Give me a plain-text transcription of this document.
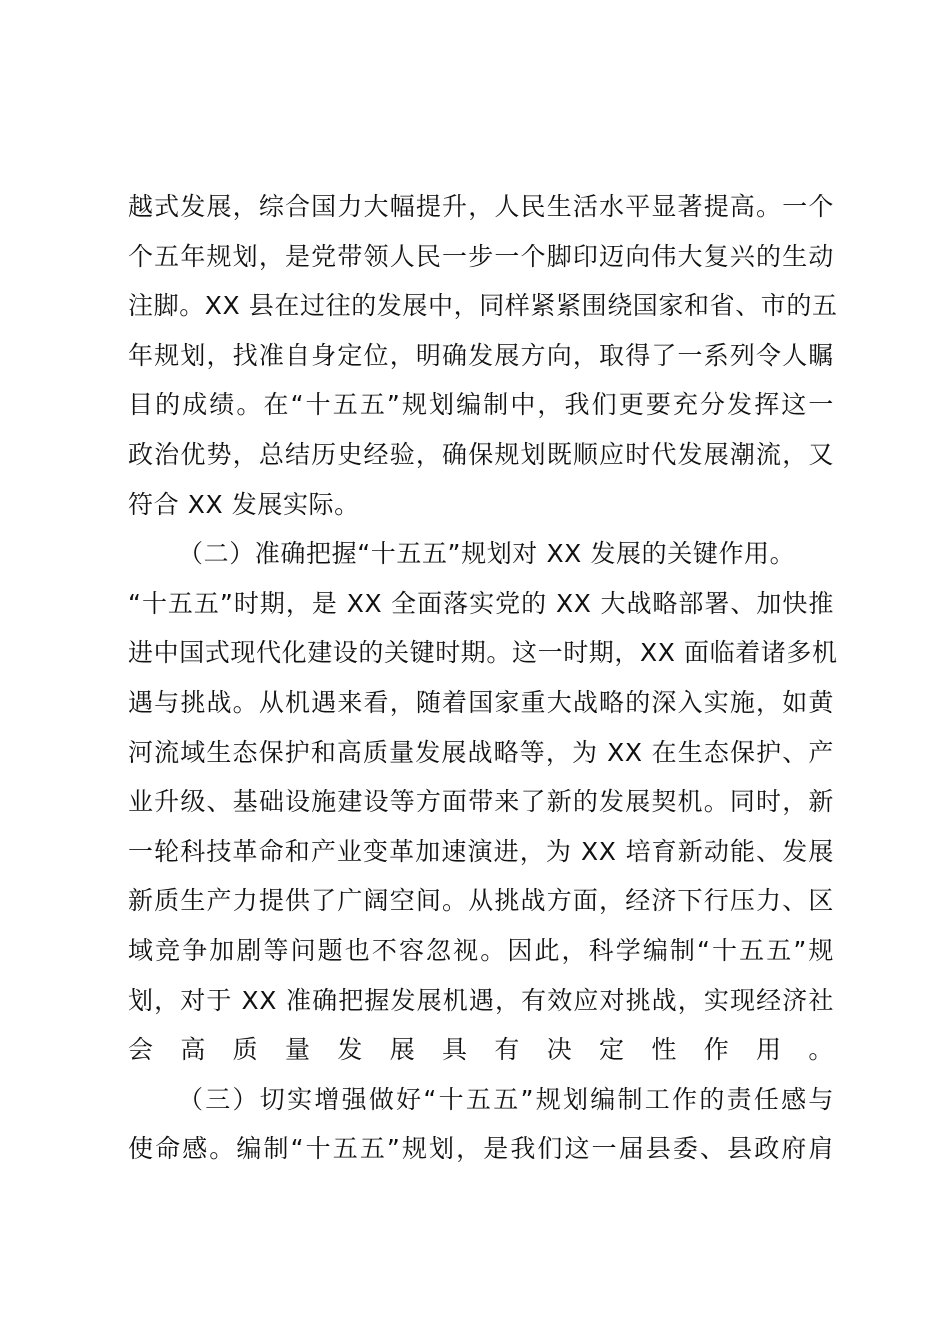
越式发展，综合国力大幅提升，人民生活水平显著提高。一个
个五年规划，是党带领人民一步一个脚印迈向伟大复兴的生动
注脚。XX 县在过往的发展中，同样紧紧围绕国家和省、市的五
年规划，找准自身定位，明确发展方向，取得了一系列令人瞩
目的成绩。在“十五五”规划编制中，我们更要充分发挥这一
政治优势，总结历史经验，确保规划既顺应时代发展潮流，又
符合 XX 发展实际。
（二）准确把握“十五五”规划对 XX 发展的关键作用。
“十五五”时期，是 XX 全面落实党的 XX 大战略部署、加快推
进中国式现代化建设的关键时期。这一时期，XX 面临着诸多机
遇与挑战。从机遇来看，随着国家重大战略的深入实施，如黄
河流域生态保护和高质量发展战略等，为 XX 在生态保护、产
业升级、基础设施建设等方面带来了新的发展契机。同时，新
一轮科技革命和产业变革加速演进，为 XX 培育新动能、发展
新质生产力提供了广阔空间。从挑战方面，经济下行压力、区
域竞争加剧等问题也不容忽视。因此，科学编制“十五五”规
划，对于 XX 准确把握发展机遇，有效应对挑战，实现经济社
会高质量发展具有决定性作用。
（三）切实增强做好“十五五”规划编制工作的责任感与
使命感。编制“十五五”规划，是我们这一届县委、县政府肩
